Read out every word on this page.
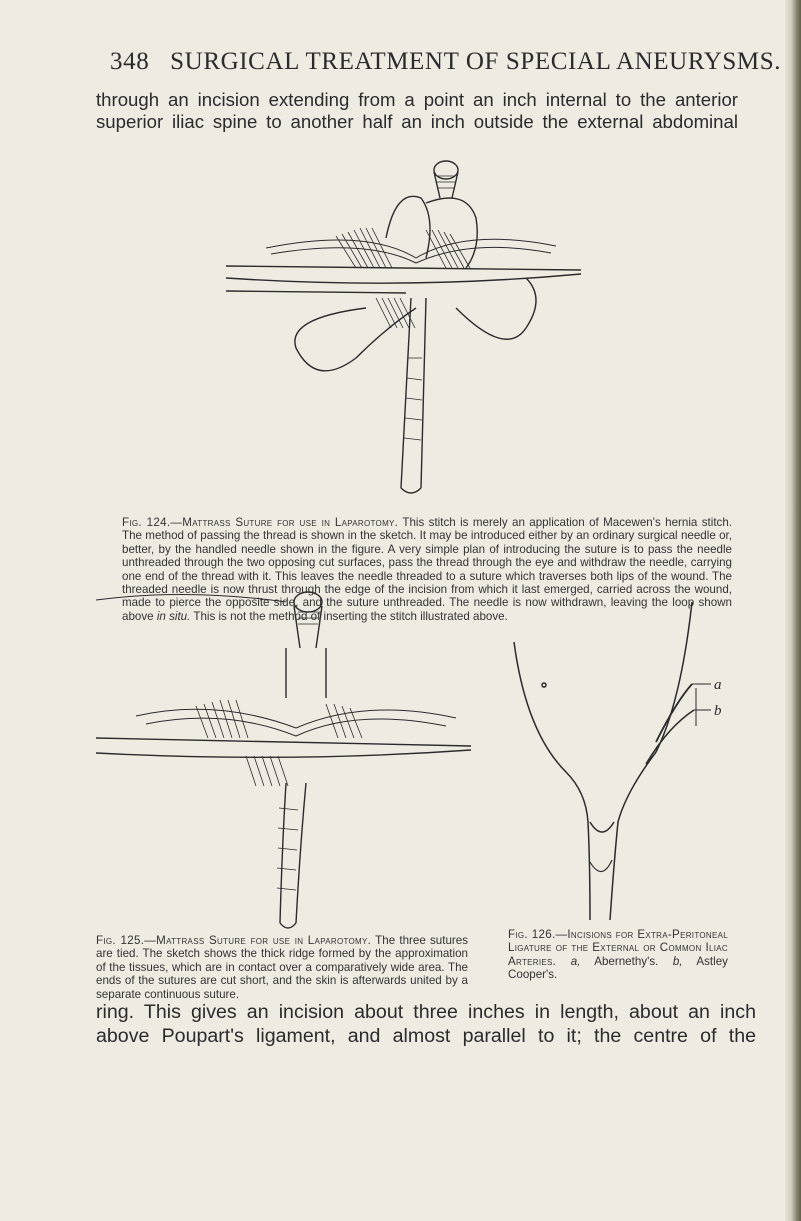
348 SURGICAL TREATMENT OF SPECIAL ANEURYSMS.
through an incision extending from a point an inch internal to the anterior
superior iliac spine to another half an inch outside the external abdominal
Fig. 124.—Mattrass Suture for use in Laparotomy. This stitch is merely an application of Macewen's hernia stitch. The method of passing the thread is shown in the sketch. It may be introduced either by an ordinary surgical needle or, better, by the handled needle shown in the figure. A very simple plan of introducing the suture is to pass the needle unthreaded through the two opposing cut surfaces, pass the thread through the eye and withdraw the needle, carrying one end of the thread with it. This leaves the needle threaded to a suture which traverses both lips of the wound. The threaded needle is now thrust through the edge of the incision from which it last emerged, carried across the wound, made to pierce the opposite side, and the suture unthreaded. The needle is now withdrawn, leaving the loop shown above in situ. This is not the method of inserting the stitch illustrated above.
Fig. 125.—Mattrass Suture for use in Laparotomy. The three sutures are tied. The sketch shows the thick ridge formed by the approximation of the tissues, which are in contact over a comparatively wide area. The ends of the sutures are cut short, and the skin is afterwards united by a separate continuous suture.
a
b
Fig. 126.—Incisions for Extra-Peritoneal Ligature of the External or Common Iliac Arteries. a, Abernethy's. b, Astley Cooper's.
ring. This gives an incision about three inches in length, about an inch
above Poupart's ligament, and almost parallel to it; the centre of the
